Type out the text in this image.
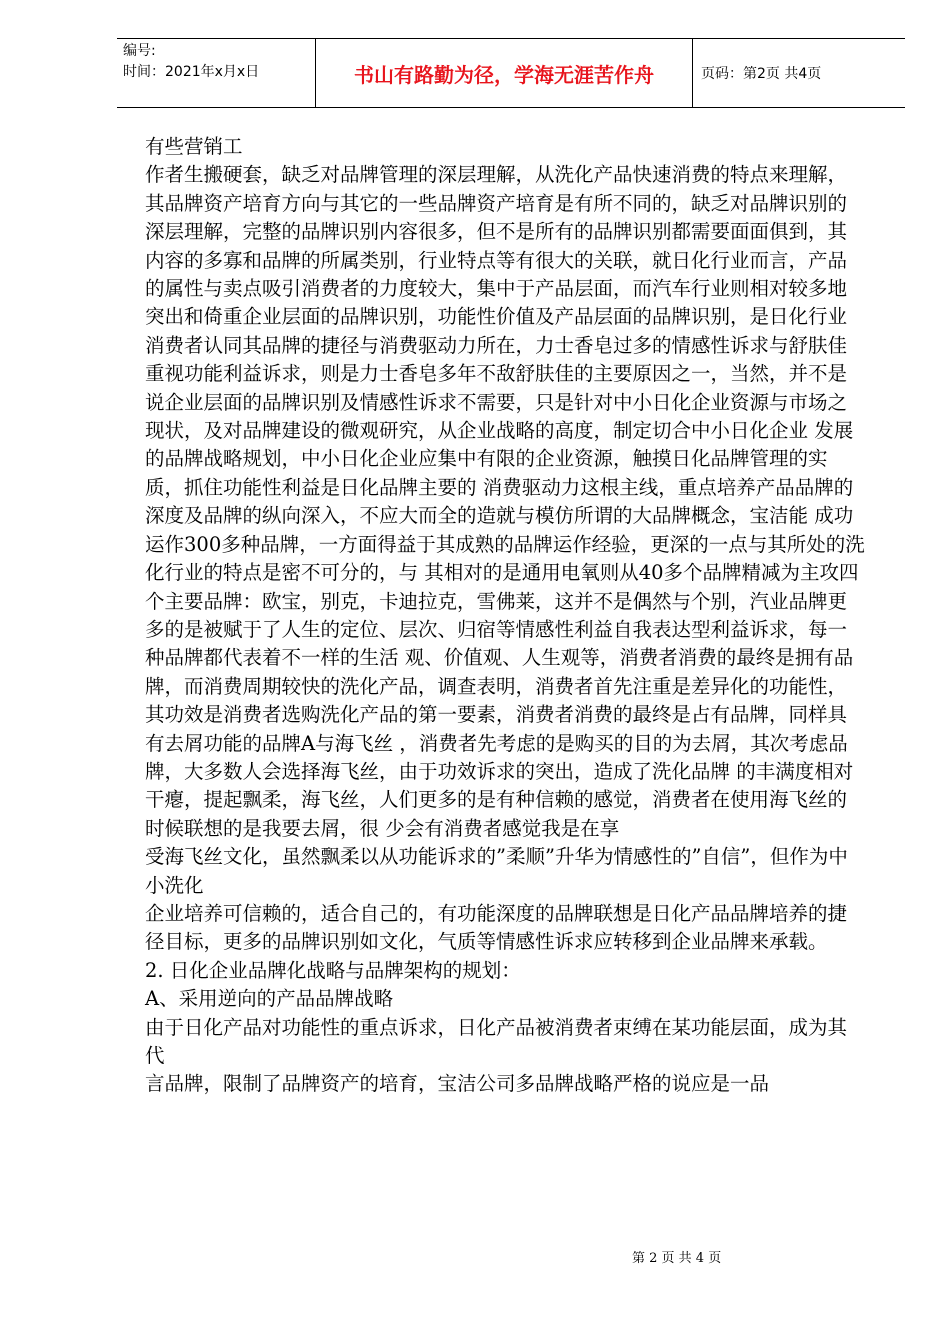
编号:
时间：2021年x月x日	书山有路勤为径，学海无涯苦作舟	页码：第2页 共4页

有些营销工

作者生搬硬套，缺乏对品牌管理的深层理解，从洗化产品快速消费的特点来理解，其品牌资产培育方向与其它的一些品牌资产培育是有所不同的，缺乏对品牌识别的深层理解，完整的品牌识别内容很多，但不是所有的品牌识别都需要面面俱到，其内容的多寡和品牌的所属类别，行业特点等有很大的关联，就日化行业而言，产品的属性与卖点吸引消费者的力度较大，集中于产品层面，而汽车行业则相对较多地突出和倚重企业层面的品牌识别，功能性价值及产品层面的品牌识别，是日化行业消费者认同其品牌的捷径与消费驱动力所在，力士香皂过多的情感性诉求与舒肤佳 重视功能利益诉求，则是力士香皂多年不敌舒肤佳的主要原因之一，当然，并不是说企业层面的品牌识别及情感性诉求不需要，只是针对中小日化企业资源与市场之现状，及对品牌建设的微观研究，从企业战略的高度，制定切合中小日化企业 发展的品牌战略规划，中小日化企业应集中有限的企业资源，触摸日化品牌管理的实质，抓住功能性利益是日化品牌主要的 消费驱动力这根主线，重点培养产品品牌的深度及品牌的纵向深入，不应大而全的造就与模仿所谓的大品牌概念，宝洁能 成功运作300多种品牌，一方面得益于其成熟的品牌运作经验，更深的一点与其所处的洗化行业的特点是密不可分的，与 其相对的是通用电氧则从40多个品牌精减为主攻四个主要品牌：欧宝，别克，卡迪拉克，雪佛莱，这并不是偶然与个别，汽业品牌更多的是被赋于了人生的定位、层次、归宿等情感性利益自我表达型利益诉求，每一种品牌都代表着不一样的生活 观、价值观、人生观等，消费者消费的最终是拥有品牌，而消费周期较快的洗化产品，调查表明，消费者首先注重是差异化的功能性，其功效是消费者选购洗化产品的第一要素，消费者消费的最终是占有品牌，同样具有去屑功能的品牌A与海飞丝 ，消费者先考虑的是购买的目的为去屑，其次考虑品牌，大多数人会选择海飞丝，由于功效诉求的突出，造成了洗化品牌 的丰满度相对干瘪，提起飘柔，海飞丝，人们更多的是有种信赖的感觉，消费者在使用海飞丝的时候联想的是我要去屑，很 少会有消费者感觉我是在享

受海飞丝文化，虽然飘柔以从功能诉求的”柔顺”升华为情感性的”自信”，但作为中小洗化

企业培养可信赖的，适合自己的，有功能深度的品牌联想是日化产品品牌培养的捷径目标，更多的品牌识别如文化，气质等情感性诉求应转移到企业品牌来承载。

2. 日化企业品牌化战略与品牌架构的规划：

A、采用逆向的产品品牌战略

由于日化产品对功能性的重点诉求，日化产品被消费者束缚在某功能层面，成为其代

言品牌，限制了品牌资产的培育，宝洁公司多品牌战略严格的说应是一品

第 2 页 共 4 页
